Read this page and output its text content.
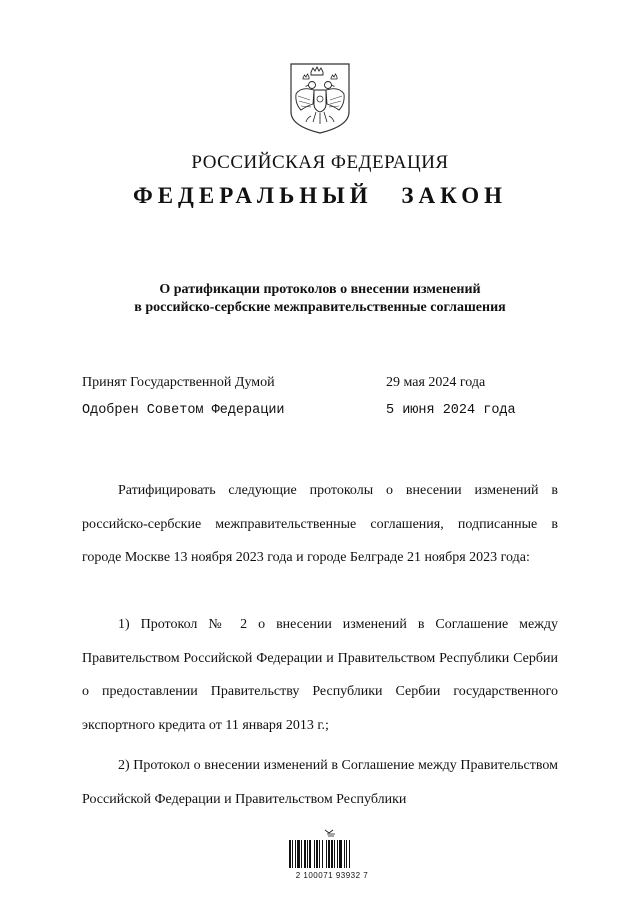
РОССИЙСКАЯ ФЕДЕРАЦИЯ
ФЕДЕРАЛЬНЫЙ ЗАКОН
О ратификации протоколов о внесении изменений
в российско-сербские межправительственные соглашения
Принят Государственной Думой	29 мая 2024 года
Одобрен Советом Федерации	5 июня 2024 года

Ратифицировать следующие протоколы о внесении изменений в российско-сербские межправительственные соглашения, подписанные в городе Москве 13 ноября 2023 года и городе Белграде 21 ноября 2023 года:

1) Протокол № 2 о внесении изменений в Соглашение между Правительством Российской Федерации и Правительством Республики Сербии о предоставлении Правительству Республики Сербии государственного экспортного кредита от 11 января 2013 г.;

2) Протокол о внесении изменений в Соглашение между Правительством Российской Федерации и Правительством Республики

2 100071 93932 7
